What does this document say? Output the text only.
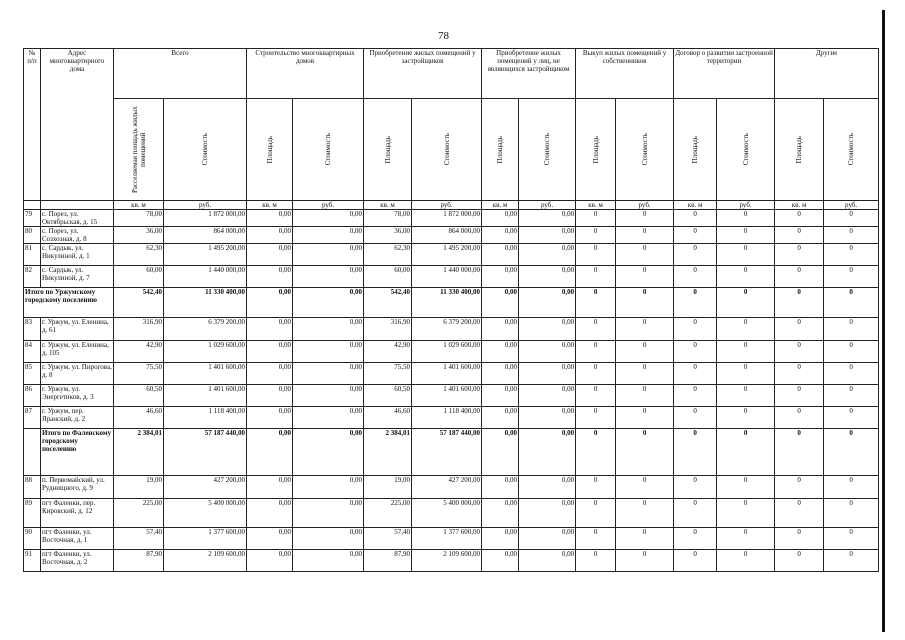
78
№ п/п	Адрес многоквартирного дома	Всего		Строительство многоквартирных домов		Приобретение жилых помещений у застройщиков		Приобретение жилых помещений у лиц, не являющихся застройщиком		Выкуп жилых помещений у собственников		Договор о развитии застроенной территории		Другие	

		Расселяемая площадь жилых помещений	Стоимость	Площадь	Стоимость	Площадь	Стоимость	Площадь	Стоимость	Площадь	Стоимость	Площадь	Стоимость	Площадь	Стоимость

		кв. м	руб.	кв. м	руб.	кв. м	руб.	кв. м	руб.	кв. м	руб.	кв. м	руб.	кв. м	руб.
79	с. Порез, ул. Октябрьская, д. 15	78,00	1 872 000,00	0,00	0,00	78,00	1 872 000,00	0,00	0,00	0	0	0	0	0	0
80	с. Порез, ул. Созхозная, д. 8	36,00	864 000,00	0,00	0,00	36,00	864 000,00	0,00	0,00	0	0	0	0	0	0
81	с. Сардык, ул. Никулиной, д. 1	62,30	1 495 200,00	0,00	0,00	62,30	1 495 200,00	0,00	0,00	0	0	0	0	0	0
82	с. Сардык, ул. Никулиной, д. 7	60,00	1 440 000,00	0,00	0,00	60,00	1 440 000,00	0,00	0,00	0	0	0	0	0	0
Итого по Уржумскому городскому поселению		542,40	11 330 400,00	0,00	0,00	542,40	11 330 400,00	0,00	0,00	0	0	0	0	0	0
83	г. Уржум, ул. Еленина, д. 61	316,90	6 379 200,00	0,00	0,00	316,90	6 379 200,00	0,00	0,00	0	0	0	0	0	0
84	г. Уржум, ул. Еленина, д. 105	42,90	1 029 600,00	0,00	0,00	42,90	1 029 600,00	0,00	0,00	0	0	0	0	0	0
85	г. Уржум, ул. Пирогова, д. 8	75,50	1 401 600,00	0,00	0,00	75,50	1 401 600,00	0,00	0,00	0	0	0	0	0	0
86	г. Уржум, ул. Энергетиков, д. 3	60,50	1 401 600,00	0,00	0,00	60,50	1 401 600,00	0,00	0,00	0	0	0	0	0	0
87	г. Уржум, пер. Яранский, д. 2	46,60	1 118 400,00	0,00	0,00	46,60	1 118 400,00	0,00	0,00	0	0	0	0	0	0
	Итого по Фаленскому городскому поселению	2 384,01	57 187 440,00	0,00	0,00	2 384,01	57 187 440,00	0,00	0,00	0	0	0	0	0	0
88	п. Первомайский, ул. Руднищного, д. 9	19,00	427 200,00	0,00	0,00	19,00	427 200,00	0,00	0,00	0	0	0	0	0	0
89	пгт Фаленки, пер. Кировский, д. 12	225,00	5 400 000,00	0,00	0,00	225,00	5 400 000,00	0,00	0,00	0	0	0	0	0	0
90	пгт Фаленки, ул. Восточная, д. 1	57,40	1 377 600,00	0,00	0,00	57,40	1 377 600,00	0,00	0,00	0	0	0	0	0	0
91	пгт Фаленки, ул. Восточная, д. 2	87,90	2 109 600,00	0,00	0,00	87,90	2 109 600,00	0,00	0,00	0	0	0	0	0	0
